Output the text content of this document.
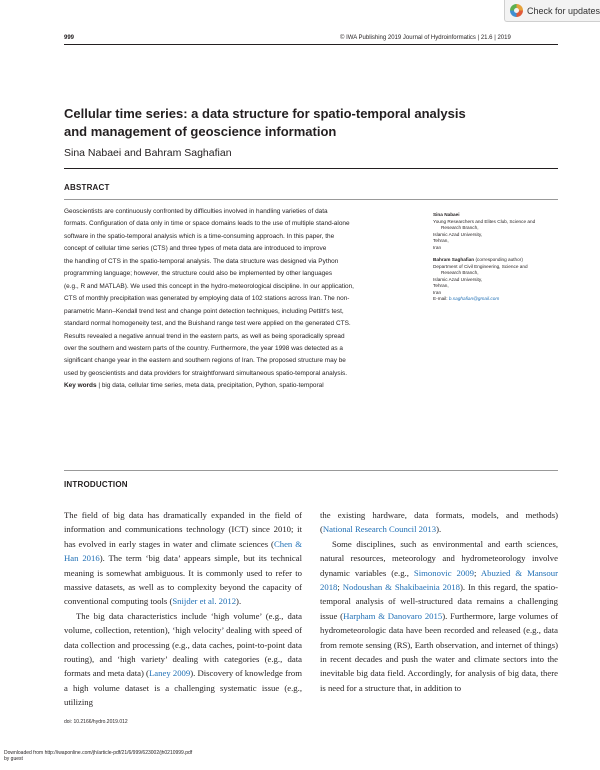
Check for updates
999	© IWA Publishing 2019 Journal of Hydroinformatics | 21.6 | 2019
Cellular time series: a data structure for spatio-temporal analysis and management of geoscience information
Sina Nabaei and Bahram Saghafian
ABSTRACT
Geoscientists are continuously confronted by difficulties involved in handling varieties of data
formats. Configuration of data only in time or space domains leads to the use of multiple stand-alone
software in the spatio-temporal analysis which is a time-consuming approach. In this paper, the
concept of cellular time series (CTS) and three types of meta data are introduced to improve
the handling of CTS in the spatio-temporal analysis. The data structure was designed via Python
programming language; however, the structure could also be implemented by other languages
(e.g., R and MATLAB). We used this concept in the hydro-meteorological discipline. In our application,
CTS of monthly precipitation was generated by employing data of 102 stations across Iran. The non-
parametric Mann–Kendall trend test and change point detection techniques, including Pettitt's test,
standard normal homogeneity test, and the Buishand range test were applied on the generated CTS.
Results revealed a negative annual trend in the eastern parts, as well as being sporadically spread
over the southern and western parts of the country. Furthermore, the year 1998 was detected as a
significant change year in the eastern and southern regions of Iran. The proposed structure may be
used by geoscientists and data providers for straightforward simultaneous spatio-temporal analysis.
Key words | big data, cellular time series, meta data, precipitation, Python, spatio-temporal
Sina Nabaei
Young Researchers and Elites Club, Science and
Research Branch,
Islamic Azad University,
Tehran,
Iran
Bahram Saghafian (corresponding author)
Department of Civil Engineering, Science and
Research Branch,
Islamic Azad University,
Tehran,
Iran
E-mail: b.saghafian@gmail.com
INTRODUCTION

The field of big data has dramatically expanded in the field of information and communications technology (ICT) since 2010; it has evolved in early stages in water and climate sciences (Chen & Han 2016). The term ‘big data’ appears simple, but its technical meaning is somewhat ambiguous. It is commonly used to refer to massive datasets, as well as to complexity beyond the capacity of conventional computing tools (Snijder et al. 2012).

The big data characteristics include ‘high volume’ (e.g., data volume, collection, retention), ‘high velocity’ dealing with speed of data collection and processing (e.g., data caches, point-to-point data routing), and ‘high variety’ dealing with categories (e.g., data formats and meta data) (Laney 2009). Discovery of knowledge from a high volume dataset is a challenging systematic issue (e.g., utilizing

the existing hardware, data formats, models, and methods) (National Research Council 2013).

Some disciplines, such as environmental and earth sciences, natural resources, meteorology and hydrometeorology involve dynamic variables (e.g., Simonovic 2009; Abuzied & Mansour 2018; Nodoushan & Shakibaeinia 2018). In this regard, the spatio-temporal analysis of well-structured data remains a challenging issue (Harpham & Danovaro 2015). Furthermore, large volumes of hydrometeorologic data have been recorded and released (e.g., data from remote sensing (RS), Earth observation, and internet of things) in recent decades and push the water and climate sectors into the inevitable big data field. Accordingly, for analysis of big data, there is need for a structure that, in addition to

doi: 10.2166/hydro.2019.012
Downloaded from http://iwaponline.com/jh/article-pdf/21/6/999/623002/jh0210999.pdf
by guest
